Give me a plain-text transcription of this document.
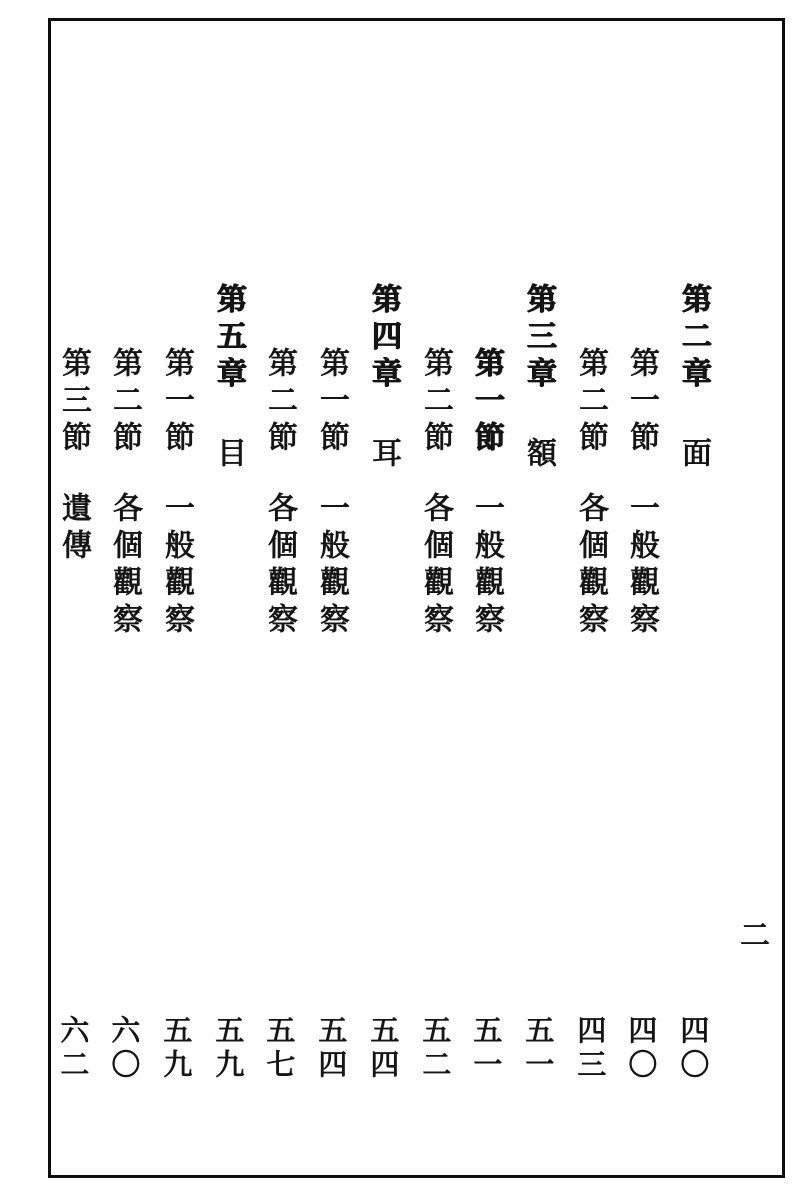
第二章
面
四〇
第一節
一般觀察
四〇
第二節
各個觀察
四三
第三章
額
五一
第一節
一般觀察
五一
第二節
各個觀察
五二
第四章
耳
五四
第一節
一般觀察
五四
第二節
各個觀察
五七
第五章
目
五九
第一節
一般觀察
五九
第二節
各個觀察
六〇
第三節
遺傳
六二
二
